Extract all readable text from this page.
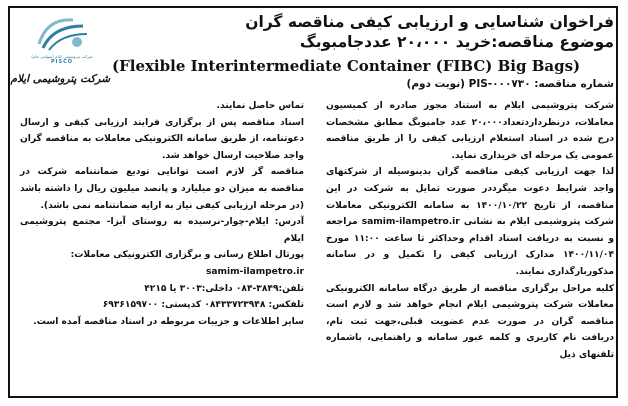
شرکت پتروشیمی ایلام (سهامی عام)
PISCO
شرکت پتروشیمی ایلام
فراخوان شناسایی و ارزیابی کیفی مناقصه گران
موضوع مناقصه:خرید ۲۰،۰۰۰ عددجامبوبگ
(Flexible Interintermediate Container (FIBC) Big Bags)
شماره مناقصه: PIS-۰۰۰۷۳۰ (نوبت دوم)

شرکت پتروشیمی ایلام به استناد مجوز صادره از کمیسیون معاملات، درنظرداردتعداد۲۰،۰۰۰ عدد جامبوبگ مطابق مشخصات درج شده در اسناد استعلام ارزیابی کیفی را از طریق مناقصه عمومی یک مرحله ای خریداری نماید.

لذا جهت ارزیابی کیفی مناقصه گران بدینوسیله از شرکتهای واجد شرایط دعوت میگرددر صورت تمایل به شرکت در این مناقصه، از تاریخ ۱۴۰۰/۱۰/۲۲ به سامانه الکترونیکی معاملات شرکت پتروشیمی ایلام به نشانی samim-ilampetro.ir مراجعه و نسبت به دریافت اسناد اقدام وحداکثر تا ساعت ۱۱:۰۰ مورخ ۱۴۰۰/۱۱/۰۴ مدارک ارزیابی کیفی را تکمیل و در سامانه مذکوربارگذاری نمایند.

کلیه مراحل برگزاری مناقصه از طریق درگاه سامانه الکترونیکی معاملات شرکت پتروشیمی ایلام انجام خواهد شد و لازم است مناقصه گران در صورت عدم عضویت قبلی،جهت ثبت نام، دریافت نام کاربری و کلمه عبور سامانه و راهنمایی، باشماره تلفنهای ذیل

تماس حاصل نمایند.

اسناد مناقصه پس از برگزاری فرایند ارزیابی کیفی و ارسال دعوتنامه، از طریق سامانه الکترونیکی معاملات به مناقصه گران واجد صلاحیت ارسال خواهد شد.

مناقصه گر لازم است توانایی تودیع ضمانتنامه شرکت در مناقصه به میزان دو میلیارد و پانصد میلیون ریال را داشته باشد (در مرحله ارزیابی کیفی نیاز به ارایه ضمانتنامه نمی باشد).

آدرس: ایلام-چوار-نرسیده به روستای آبزا- مجتمع پتروشیمی ایلام

پورتال اطلاع رسانی و برگزاری الکترونیکی معاملات:

samim-ilampetro.ir

تلفن:۳۸۴۹-۰۸۴ داخلی:۳۰۰۳ یا ۴۲۱۵

تلفکس: ۰۸۴۳۳۷۲۳۹۴۸ کدپستی: ۶۹۳۶۱۵۹۷۰۰

سایر اطلاعات و جزییات مربوطه در اسناد مناقصه آمده است.
